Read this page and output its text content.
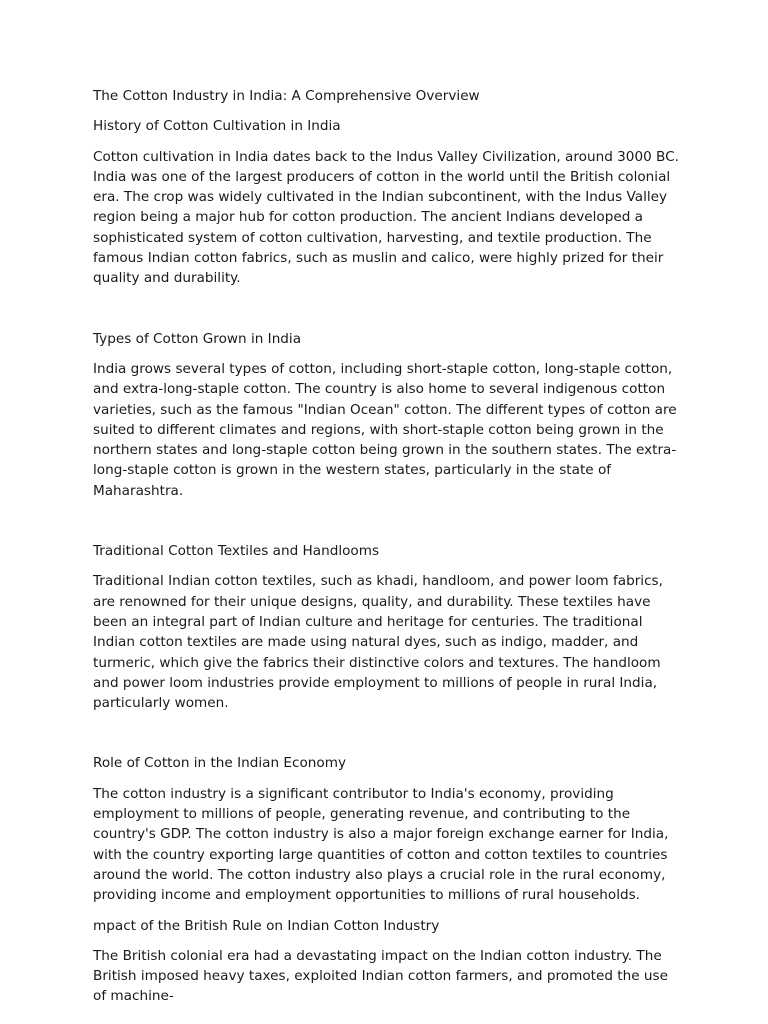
The Cotton Industry in India: A Comprehensive Overview

History of Cotton Cultivation in India

Cotton cultivation in India dates back to the Indus Valley Civilization, around 3000 BC. India was one of the largest producers of cotton in the world until the British colonial era. The crop was widely cultivated in the Indian subcontinent, with the Indus Valley region being a major hub for cotton production. The ancient Indians developed a sophisticated system of cotton cultivation, harvesting, and textile production. The famous Indian cotton fabrics, such as muslin and calico, were highly prized for their quality and durability.

Types of Cotton Grown in India

India grows several types of cotton, including short-staple cotton, long-staple cotton, and extra-long-staple cotton. The country is also home to several indigenous cotton varieties, such as the famous "Indian Ocean" cotton. The different types of cotton are suited to different climates and regions, with short-staple cotton being grown in the northern states and long-staple cotton being grown in the southern states. The extra-long-staple cotton is grown in the western states, particularly in the state of Maharashtra.

Traditional Cotton Textiles and Handlooms

Traditional Indian cotton textiles, such as khadi, handloom, and power loom fabrics, are renowned for their unique designs, quality, and durability. These textiles have been an integral part of Indian culture and heritage for centuries. The traditional Indian cotton textiles are made using natural dyes, such as indigo, madder, and turmeric, which give the fabrics their distinctive colors and textures. The handloom and power loom industries provide employment to millions of people in rural India, particularly women.

Role of Cotton in the Indian Economy

The cotton industry is a significant contributor to India's economy, providing employment to millions of people, generating revenue, and contributing to the country's GDP. The cotton industry is also a major foreign exchange earner for India, with the country exporting large quantities of cotton and cotton textiles to countries around the world. The cotton industry also plays a crucial role in the rural economy, providing income and employment opportunities to millions of rural households.

mpact of the British Rule on Indian Cotton Industry

The British colonial era had a devastating impact on the Indian cotton industry. The British imposed heavy taxes, exploited Indian cotton farmers, and promoted the use of machine-
